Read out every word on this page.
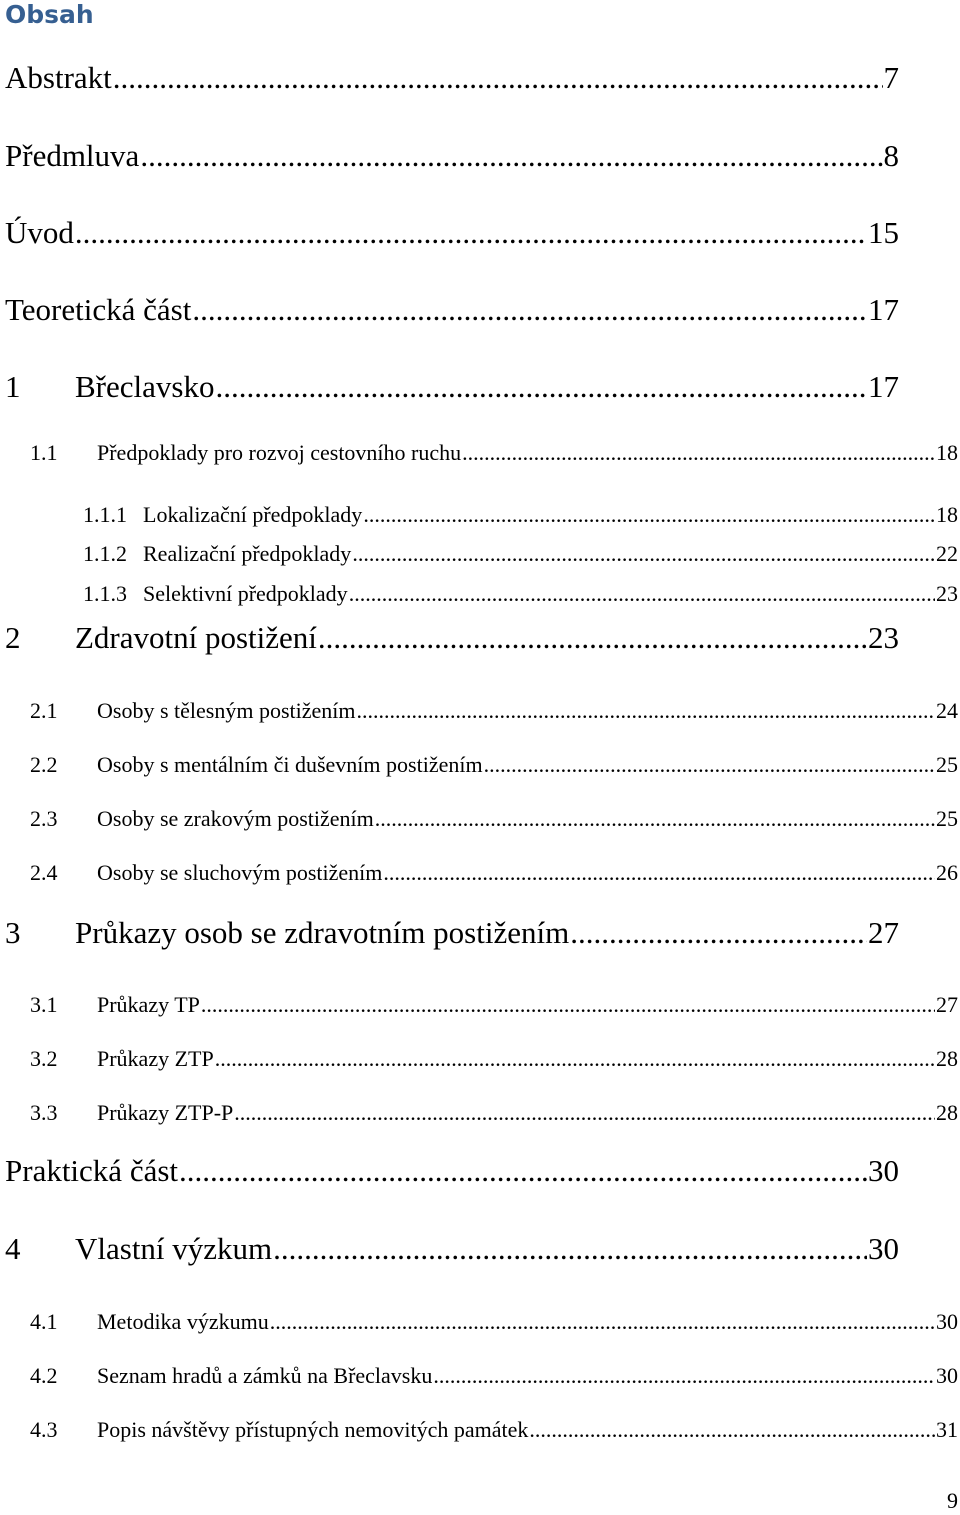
Obsah
Abstrakt .....	7
Předmluva .....	8
Úvod .....	15
Teoretická část .....	17
1	Břeclavsko .....	17
1.1	Předpoklady pro rozvoj cestovního ruchu .....	18
1.1.1 Lokalizační předpoklady .....	18
1.1.2 Realizační předpoklady .....	22
1.1.3 Selektivní předpoklady .....	23
2	Zdravotní postižení .....	23
2.1	Osoby s tělesným postižením .....	24
2.2	Osoby s mentálním či duševním postižením .....	25
2.3	Osoby se zrakovým postižením .....	25
2.4	Osoby se sluchovým postižením .....	26
3	Průkazy osob se zdravotním postižením .....	27
3.1	Průkazy TP .....	27
3.2	Průkazy ZTP .....	28
3.3	Průkazy ZTP-P .....	28
Praktická část .....	30
4	Vlastní výzkum .....	30
4.1	Metodika výzkumu .....	30
4.2	Seznam hradů a zámků na Břeclavsku .....	30
4.3	Popis návštěvy přístupných nemovitých památek .....	31
9
